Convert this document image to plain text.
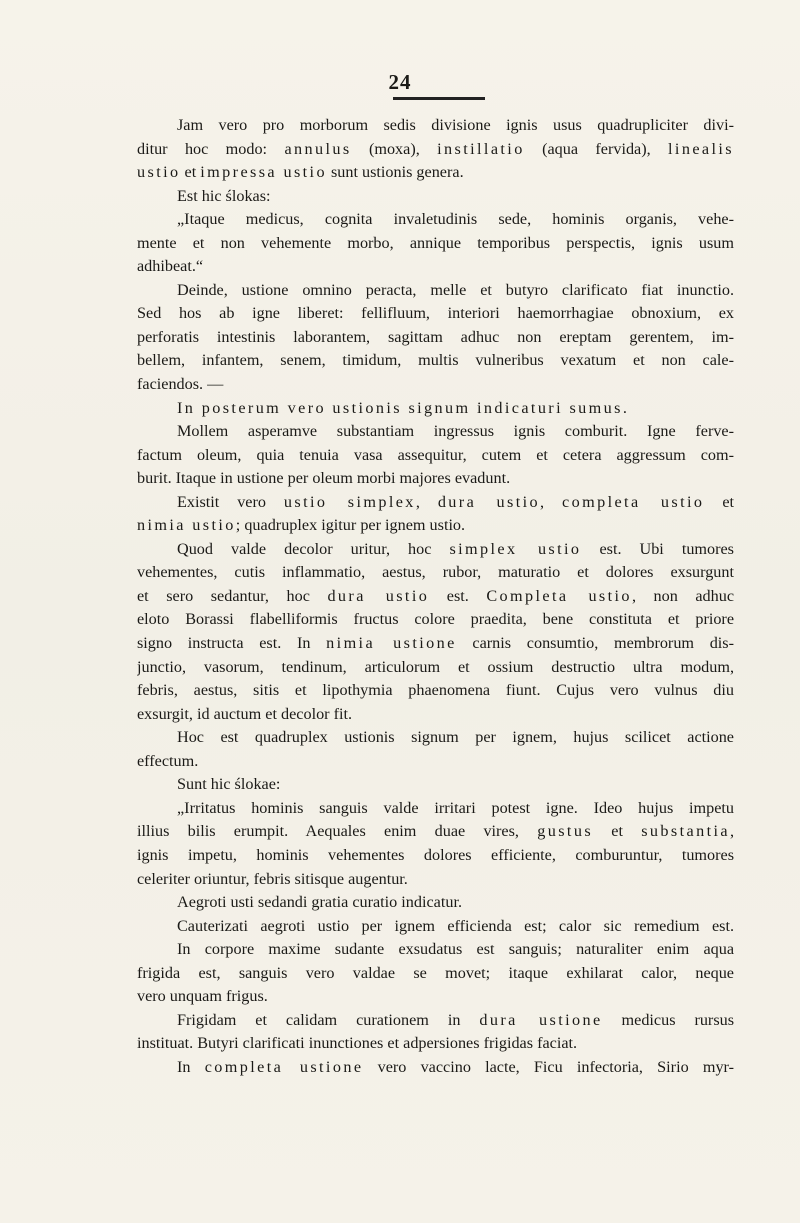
24
Jam vero pro morborum sedis divisione ignis usus quadrupliciter divi-
ditur hoc modo: annulus (moxa), instillatio (aqua fervida), linealis
ustio et impressa ustio sunt ustionis genera.
Est hic ślokas:
„Itaque medicus, cognita invaletudinis sede, hominis organis, vehe-
mente et non vehemente morbo, annique temporibus perspectis, ignis usum
adhibeat.“
Deinde, ustione omnino peracta, melle et butyro clarificato fiat inunctio.
Sed hos ab igne liberet: fellifluum, interiori haemorrhagiae obnoxium, ex
perforatis intestinis laborantem, sagittam adhuc non ereptam gerentem, im-
bellem, infantem, senem, timidum, multis vulneribus vexatum et non cale-
faciendos. —
In posterum vero ustionis signum indicaturi sumus.
Mollem asperamve substantiam ingressus ignis comburit. Igne ferve-
factum oleum, quia tenuia vasa assequitur, cutem et cetera aggressum com-
burit. Itaque in ustione per oleum morbi majores evadunt.
Existit vero ustio simplex, dura ustio, completa ustio et
nimia ustio; quadruplex igitur per ignem ustio.
Quod valde decolor uritur, hoc simplex ustio est. Ubi tumores
vehementes, cutis inflammatio, aestus, rubor, maturatio et dolores exsurgunt
et sero sedantur, hoc dura ustio est. Completa ustio, non adhuc
eloto Borassi flabelliformis fructus colore praedita, bene constituta et priore
signo instructa est. In nimia ustione carnis consumtio, membrorum dis-
junctio, vasorum, tendinum, articulorum et ossium destructio ultra modum,
febris, aestus, sitis et lipothymia phaenomena fiunt. Cujus vero vulnus diu
exsurgit, id auctum et decolor fit.
Hoc est quadruplex ustionis signum per ignem, hujus scilicet actione
effectum.
Sunt hic ślokae:
„Irritatus hominis sanguis valde irritari potest igne. Ideo hujus impetu
illius bilis erumpit. Aequales enim duae vires, gustus et substantia,
ignis impetu, hominis vehementes dolores efficiente, comburuntur, tumores
celeriter oriuntur, febris sitisque augentur.
Aegroti usti sedandi gratia curatio indicatur.
Cauterizati aegroti ustio per ignem efficienda est; calor sic remedium est.
In corpore maxime sudante exsudatus est sanguis; naturaliter enim aqua
frigida est, sanguis vero valdae se movet; itaque exhilarat calor, neque
vero unquam frigus.
Frigidam et calidam curationem in dura ustione medicus rursus
instituat. Butyri clarificati inunctiones et adpersiones frigidas faciat.
In completa ustione vero vaccino lacte, Ficu infectoria, Sirio myr-
